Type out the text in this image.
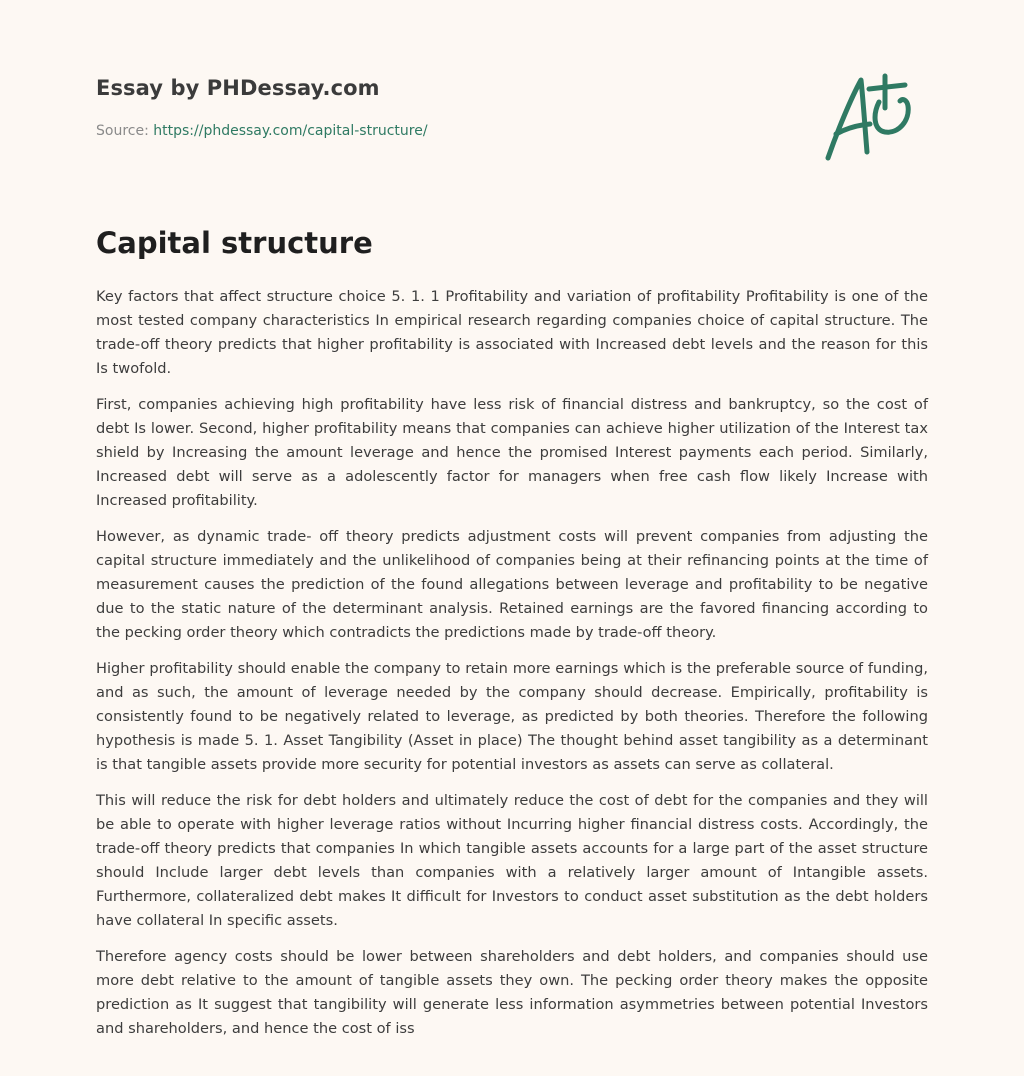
Essay by PHDessay.com
Source: https://phdessay.com/capital-structure/
Capital structure

Key factors that affect structure choice 5. 1. 1 Profitability and variation of profitability Profitability is one of the most tested company characteristics In empirical research regarding companies choice of capital structure. The trade-off theory predicts that higher profitability is associated with Increased debt levels and the reason for this Is twofold.

First, companies achieving high profitability have less risk of financial distress and bankruptcy, so the cost of debt Is lower. Second, higher profitability means that companies can achieve higher utilization of the Interest tax shield by Increasing the amount leverage and hence the promised Interest payments each period. Similarly, Increased debt will serve as a adolescently factor for managers when free cash flow likely Increase with Increased profitability.

However, as dynamic trade- off theory predicts adjustment costs will prevent companies from adjusting the capital structure immediately and the unlikelihood of companies being at their refinancing points at the time of measurement causes the prediction of the found allegations between leverage and profitability to be negative due to the static nature of the determinant analysis. Retained earnings are the favored financing according to the pecking order theory which contradicts the predictions made by trade-off theory.

Higher profitability should enable the company to retain more earnings which is the preferable source of funding, and as such, the amount of leverage needed by the company should decrease. Empirically, profitability is consistently found to be negatively related to leverage, as predicted by both theories. Therefore the following hypothesis is made 5. 1. Asset Tangibility (Asset in place) The thought behind asset tangibility as a determinant is that tangible assets provide more security for potential investors as assets can serve as collateral.

This will reduce the risk for debt holders and ultimately reduce the cost of debt for the companies and they will be able to operate with higher leverage ratios without Incurring higher financial distress costs. Accordingly, the trade-off theory predicts that companies In which tangible assets accounts for a large part of the asset structure should Include larger debt levels than companies with a relatively larger amount of Intangible assets. Furthermore, collateralized debt makes It difficult for Investors to conduct asset substitution as the debt holders have collateral In specific assets.

Therefore agency costs should be lower between shareholders and debt holders, and companies should use more debt relative to the amount of tangible assets they own. The pecking order theory makes the opposite prediction as It suggest that tangibility will generate less information asymmetries between potential Investors and shareholders, and hence the cost of iss
